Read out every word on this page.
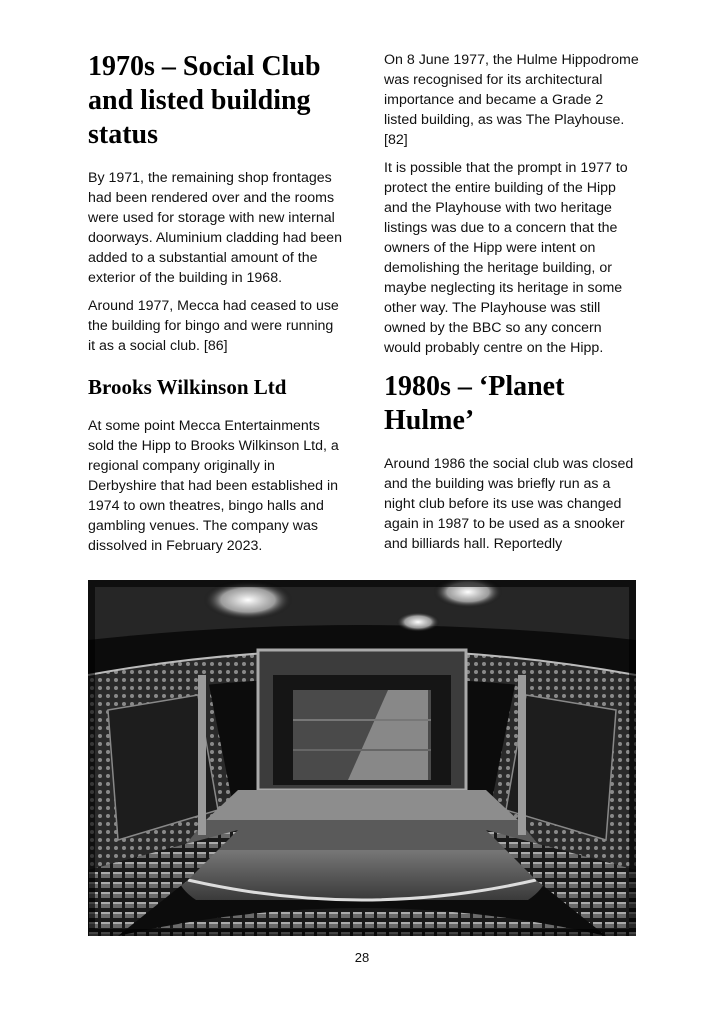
1970s – Social Club and listed building status

By 1971, the remaining shop frontages had been rendered over and the rooms were used for storage with new internal doorways. Aluminium cladding had been added to a substantial amount of the exterior of the building in 1968.

Around 1977, Mecca had ceased to use the building for bingo and were running it as a social club. [86]

Brooks Wilkinson Ltd

At some point Mecca Entertainments sold the Hipp to Brooks Wilkinson Ltd, a regional company originally in Derbyshire that had been established in 1974 to own theatres, bingo halls and gambling venues. The company was dissolved in February 2023.

On 8 June 1977, the Hulme Hippodrome was recognised for its architectural importance and became a Grade 2 listed building, as was The Playhouse. [82]

It is possible that the prompt in 1977 to protect the entire building of the Hipp and the Playhouse with two heritage listings was due to a concern that the owners of the Hipp were intent on demolishing the heritage building, or maybe neglecting its heritage in some other way. The Playhouse was still owned by the BBC so any concern would probably centre on the Hipp.

1980s – ‘Planet Hulme’

Around 1986 the social club was closed and the building was briefly run as a night club before its use was changed again in 1987 to be used as a snooker and billiards hall. Reportedly

28
